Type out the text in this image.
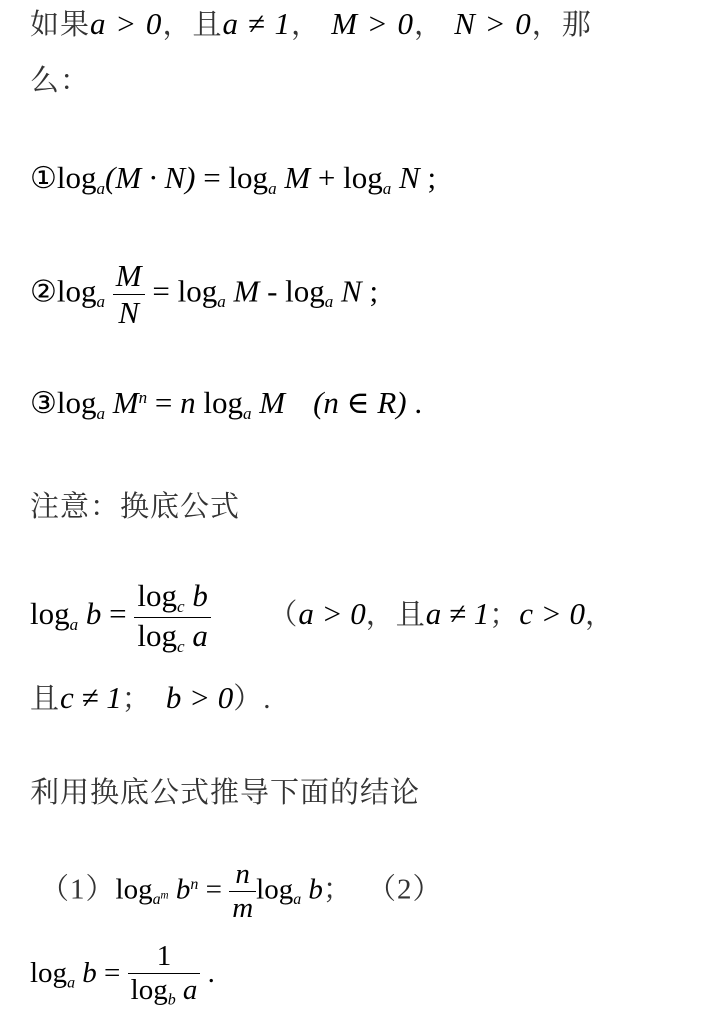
如果a > 0，且a ≠ 1， M > 0， N > 0，那
么：
$①\log_a(M \cdot N) = \log_a M + \log_a N$ ;
$②\log_a \frac{M}{N} = \log_a M - \log_a N$ ;
$③\log_a$ $M^n = n$ $\log_a M$ (n ∈ R) .
注意：换底公式
$\log_a b = \frac{\log_c b}{\log_c a} (a > 0$，且a ≠ 1；c > 0，
且c ≠ 1； b > 0）.
利用换底公式推导下面的结论
$(1)\log_{a^m}$ $b^n = \frac{n}{m} \log_a b$； （2）
$\log_a b = \frac{1}{\log_b a}$ .
